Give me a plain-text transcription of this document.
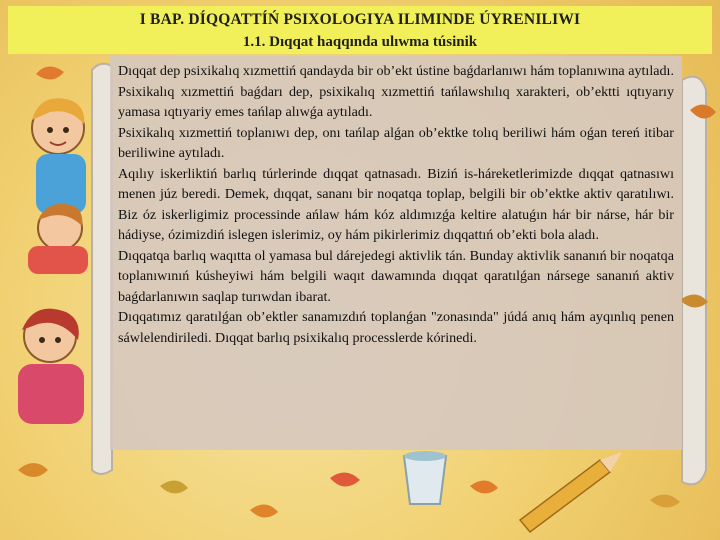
I BAP. DÍQQATTÍŃ PSIXOLOGIYA ILIMINDE ÚYRENILIWI
1.1. Dıqqat haqqında ulıwma túsinik

Dıqqat dep psixikalıq xızmettiń qandayda bir ob’ekt ústine baǵdarlanıwı hám toplanıwına aytıladı. Psixikalıq xızmettiń baǵdarı dep, psixikalıq xızmettiń tańlawshılıq xarakteri, ob’ektti ıqtıyarıy yamasa ıqtıyariy emes tańlap alıwǵa aytıladı.

Psixikalıq xızmettiń toplanıwı dep, onı tańlap alǵan ob’ektke tolıq beriliwi hám oǵan tereń itibar beriliwine aytıladı.

Aqılıy iskerliktiń barlıq túrlerinde dıqqat qatnasadı. Biziń is-háreketlerimizde dıqqat qatnasıwı menen júz beredi. Demek, dıqqat, sananı bir noqatqa toplap, belgili bir ob’ektke aktiv qaratılıwı. Biz óz iskerligimiz processinde ańlaw hám kóz aldımızǵa keltire alatuǵın hár bir nárse, hár bir hádiyse, ózimizdiń islegen islerimiz, oy hám pikirlerimiz dıqqattıń ob’ekti bola aladı.

Dıqqatqa barlıq waqıtta ol yamasa bul dárejedegi aktivlik tán. Bunday aktivlik sananıń bir noqatqa toplanıwınıń kúsheyiwi hám belgili waqıt dawamında dıqqat qaratılǵan nársege sananıń aktiv baǵdarlanıwın saqlap turıwdan ibarat.

Dıqqatımız qaratılǵan ob’ektler sanamızdıń toplanǵan "zonasında" júdá anıq hám ayqınlıq penen sáwlelendiriledi. Dıqqat barlıq psixikalıq processlerde kórinedi.
